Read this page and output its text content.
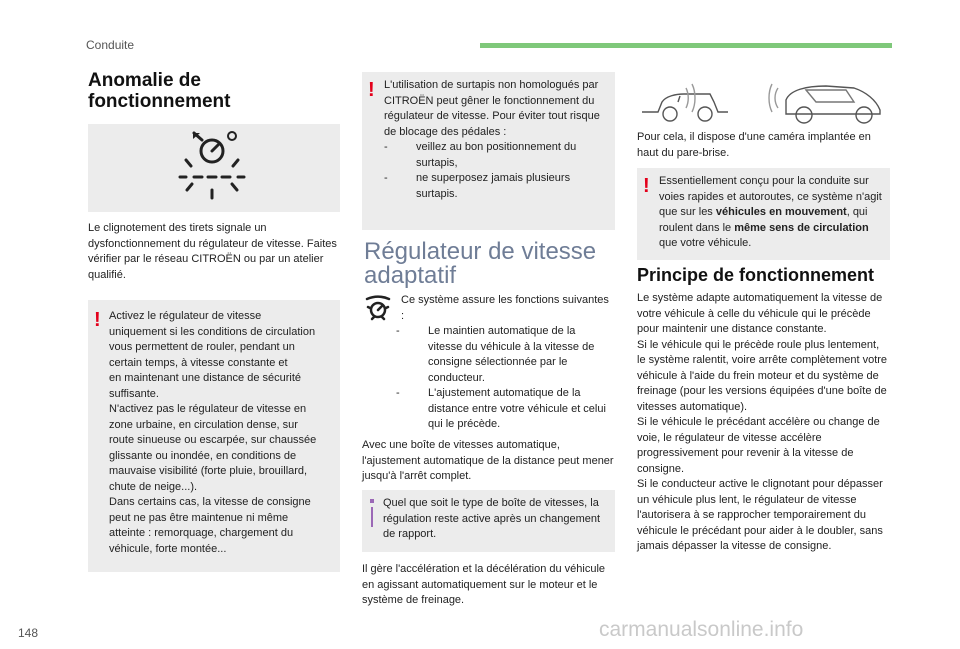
Conduite
148	carmanualsonline.info
Anomalie de fonctionnement

Le clignotement des tirets signale un dysfonctionnement du régulateur de vitesse. Faites vérifier par le réseau CITROËN ou par un atelier qualifié.

! Activez le régulateur de vitesse
uniquement si les conditions de circulation
vous permettent de rouler, pendant un
certain temps, à vitesse constante et
en maintenant une distance de sécurité
suffisante.
N'activez pas le régulateur de vitesse en
zone urbaine, en circulation dense, sur
route sinueuse ou escarpée, sur chaussée
glissante ou inondée, en conditions de
mauvaise visibilité (forte pluie, brouillard,
chute de neige...).
Dans certains cas, la vitesse de consigne
peut ne pas être maintenue ni même
atteinte : remorquage, chargement du
véhicule, forte montée...
! L'utilisation de surtapis non homologués par CITROËN peut gêner le fonctionnement du régulateur de vitesse. Pour éviter tout risque de blocage des pédales :
- veillez au bon positionnement du surtapis,
- ne superposez jamais plusieurs surtapis.
Régulateur de vitesse adaptatif
Ce système assure les fonctions suivantes :
- Le maintien automatique de la vitesse du véhicule à la vitesse de consigne sélectionnée par le conducteur.
- L'ajustement automatique de la distance entre votre véhicule et celui qui le précède.

Avec une boîte de vitesses automatique, l'ajustement automatique de la distance peut mener jusqu'à l'arrêt complet.

Quel que soit le type de boîte de vitesses, la régulation reste active après un changement de rapport.

Il gère l'accélération et la décélération du véhicule en agissant automatiquement sur le moteur et le système de freinage.

Pour cela, il dispose d'une caméra implantée en haut du pare-brise.

! Essentiellement conçu pour la conduite sur voies rapides et autoroutes, ce système n'agit que sur les véhicules en mouvement, qui roulent dans le même sens de circulation que votre véhicule.
Principe de fonctionnement
Le système adapte automatiquement la vitesse de votre véhicule à celle du véhicule qui le précède pour maintenir une distance constante.
Si le véhicule qui le précède roule plus lentement, le système ralentit, voire arrête complètement votre véhicule à l'aide du frein moteur et du système de freinage (pour les versions équipées d'une boîte de vitesses automatique).
Si le véhicule le précédant accélère ou change de voie, le régulateur de vitesse accélère progressivement pour revenir à la vitesse de consigne.
Si le conducteur active le clignotant pour dépasser un véhicule plus lent, le régulateur de vitesse l'autorisera à se rapprocher temporairement du véhicule le précédant pour aider à le doubler, sans jamais dépasser la vitesse de consigne.
